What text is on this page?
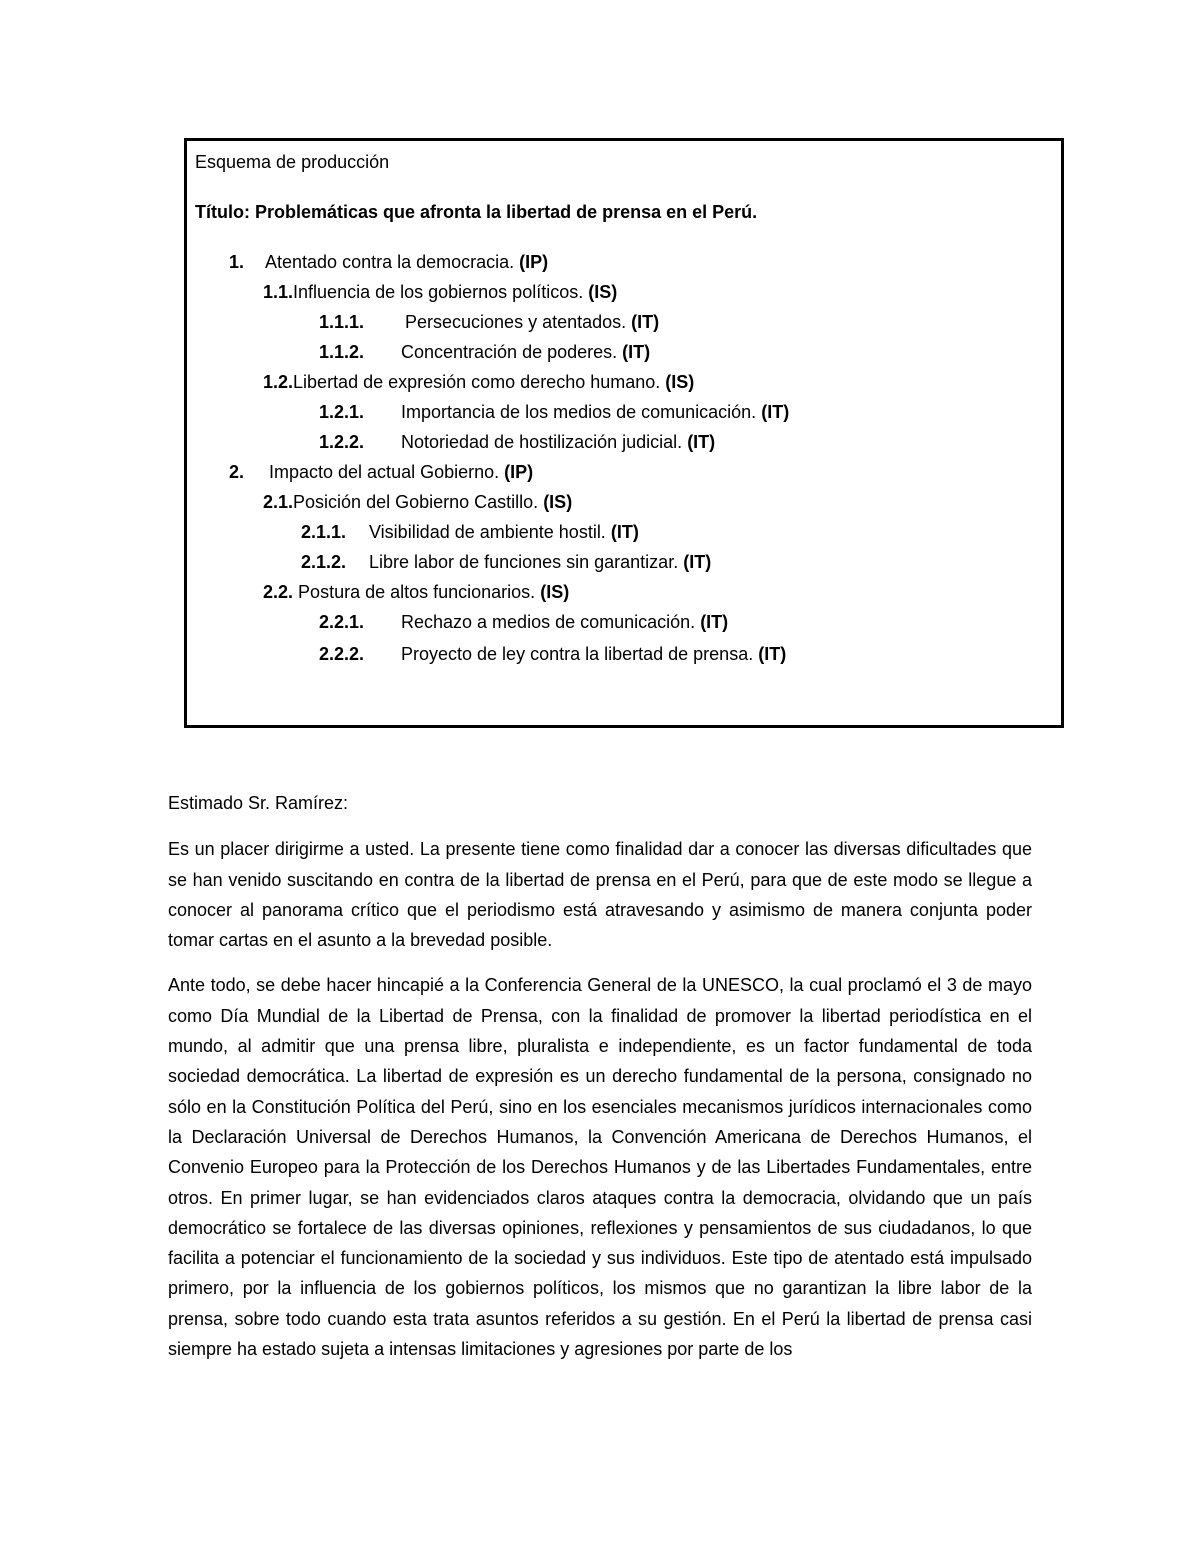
Esquema de producción
Título: Problemáticas que afronta la libertad de prensa en el Perú.
1. Atentado contra la democracia. (IP)
1.1.Influencia de los gobiernos políticos. (IS)
1.1.1. Persecuciones y atentados. (IT)
1.1.2. Concentración de poderes. (IT)
1.2.Libertad de expresión como derecho humano. (IS)
1.2.1. Importancia de los medios de comunicación. (IT)
1.2.2. Notoriedad de hostilización judicial. (IT)
2. Impacto del actual Gobierno. (IP)
2.1.Posición del Gobierno Castillo. (IS)
2.1.1. Visibilidad de ambiente hostil. (IT)
2.1.2. Libre labor de funciones sin garantizar. (IT)
2.2. Postura de altos funcionarios. (IS)
2.2.1. Rechazo a medios de comunicación. (IT)
2.2.2. Proyecto de ley contra la libertad de prensa. (IT)

Estimado Sr. Ramírez:

Es un placer dirigirme a usted. La presente tiene como finalidad dar a conocer las diversas dificultades que se han venido suscitando en contra de la libertad de prensa en el Perú, para que de este modo se llegue a conocer al panorama crítico que el periodismo está atravesando y asimismo de manera conjunta poder tomar cartas en el asunto a la brevedad posible.

Ante todo, se debe hacer hincapié a la Conferencia General de la UNESCO, la cual proclamó el 3 de mayo como Día Mundial de la Libertad de Prensa, con la finalidad de promover la libertad periodística en el mundo, al admitir que una prensa libre, pluralista e independiente, es un factor fundamental de toda sociedad democrática. La libertad de expresión es un derecho fundamental de la persona, consignado no sólo en la Constitución Política del Perú, sino en los esenciales mecanismos jurídicos internacionales como la Declaración Universal de Derechos Humanos, la Convención Americana de Derechos Humanos, el Convenio Europeo para la Protección de los Derechos Humanos y de las Libertades Fundamentales, entre otros. En primer lugar, se han evidenciados claros ataques contra la democracia, olvidando que un país democrático se fortalece de las diversas opiniones, reflexiones y pensamientos de sus ciudadanos, lo que facilita a potenciar el funcionamiento de la sociedad y sus individuos. Este tipo de atentado está impulsado primero, por la influencia de los gobiernos políticos, los mismos que no garantizan la libre labor de la prensa, sobre todo cuando esta trata asuntos referidos a su gestión. En el Perú la libertad de prensa casi siempre ha estado sujeta a intensas limitaciones y agresiones por parte de los
